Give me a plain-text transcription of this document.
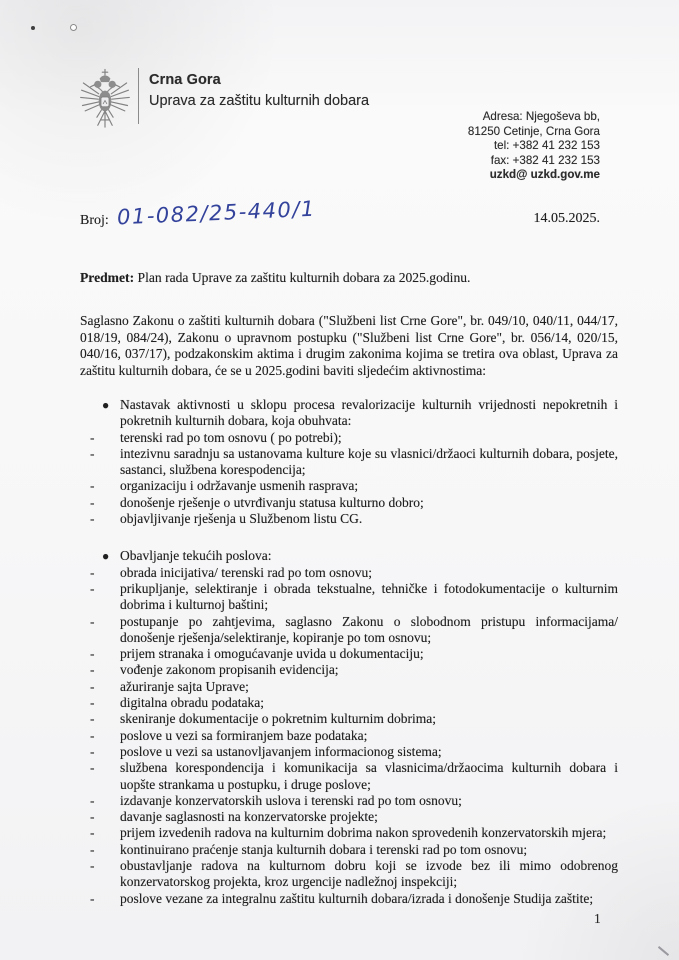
Crna Gora
Uprava za zaštitu kulturnih dobara
Adresa: Njegoševa bb,
81250 Cetinje, Crna Gora
tel: +382 41 232 153
fax: +382 41 232 153
uzkd@ uzkd.gov.me
Broj: 01-082/25-440/1	14.05.2025.
Predmet: Plan rada Uprave za zaštitu kulturnih dobara za 2025.godinu.
Saglasno Zakonu o zaštiti kulturnih dobara ("Službeni list Crne Gore", br. 049/10, 040/11, 044/17, 018/19, 084/24), Zakonu o upravnom postupku ("Službeni list Crne Gore", br. 056/14, 020/15, 040/16, 037/17), podzakonskim aktima i drugim zakonima kojima se tretira ova oblast, Uprava za zaštitu kulturnih dobara, će se u 2025.godini baviti sljedećim aktivnostima:
● Nastavak aktivnosti u sklopu procesa revalorizacije kulturnih vrijednosti nepokretnih i pokretnih kulturnih dobara, koja obuhvata:
-	terenski rad po tom osnovu ( po potrebi);
-	intezivnu saradnju sa ustanovama kulture koje su vlasnici/držaoci kulturnih dobara, posjete, sastanci, službena korespodencija;
-	organizaciju i održavanje usmenih rasprava;
-	donošenje rješenje o utvrđivanju statusa kulturno dobro;
-	objavljivanje rješenja u Službenom listu CG.
● Obavljanje tekućih poslova:
-	obrada inicijativa/ terenski rad po tom osnovu;
-	prikupljanje, selektiranje i obrada tekstualne, tehničke i fotodokumentacije o kulturnim dobrima i kulturnoj baštini;
-	postupanje po zahtjevima, saglasno Zakonu o slobodnom pristupu informacijama/ donošenje rješenja/selektiranje, kopiranje po tom osnovu;
-	prijem stranaka i omogućavanje uvida u dokumentaciju;
-	vođenje zakonom propisanih evidencija;
-	ažuriranje sajta Uprave;
-	digitalna obradu podataka;
-	skeniranje dokumentacije o pokretnim kulturnim dobrima;
-	poslove u vezi sa formiranjem baze podataka;
-	poslove u vezi sa ustanovljavanjem informacionog sistema;
-	službena korespondencija i komunikacija sa vlasnicima/držaocima kulturnih dobara i uopšte strankama u postupku, i druge poslove;
-	izdavanje konzervatorskih uslova i terenski rad po tom osnovu;
-	davanje saglasnosti na konzervatorske projekte;
-	prijem izvedenih radova na kulturnim dobrima nakon sprovedenih konzervatorskih mjera;
-	kontinuirano praćenje stanja kulturnih dobara i terenski rad po tom osnovu;
-	obustavljanje radova na kulturnom dobru koji se izvode bez ili mimo odobrenog konzervatorskog projekta, kroz urgencije nadležnoj inspekciji;
-	poslove vezane za integralnu zaštitu kulturnih dobara/izrada i donošenje Studija zaštite;
1
